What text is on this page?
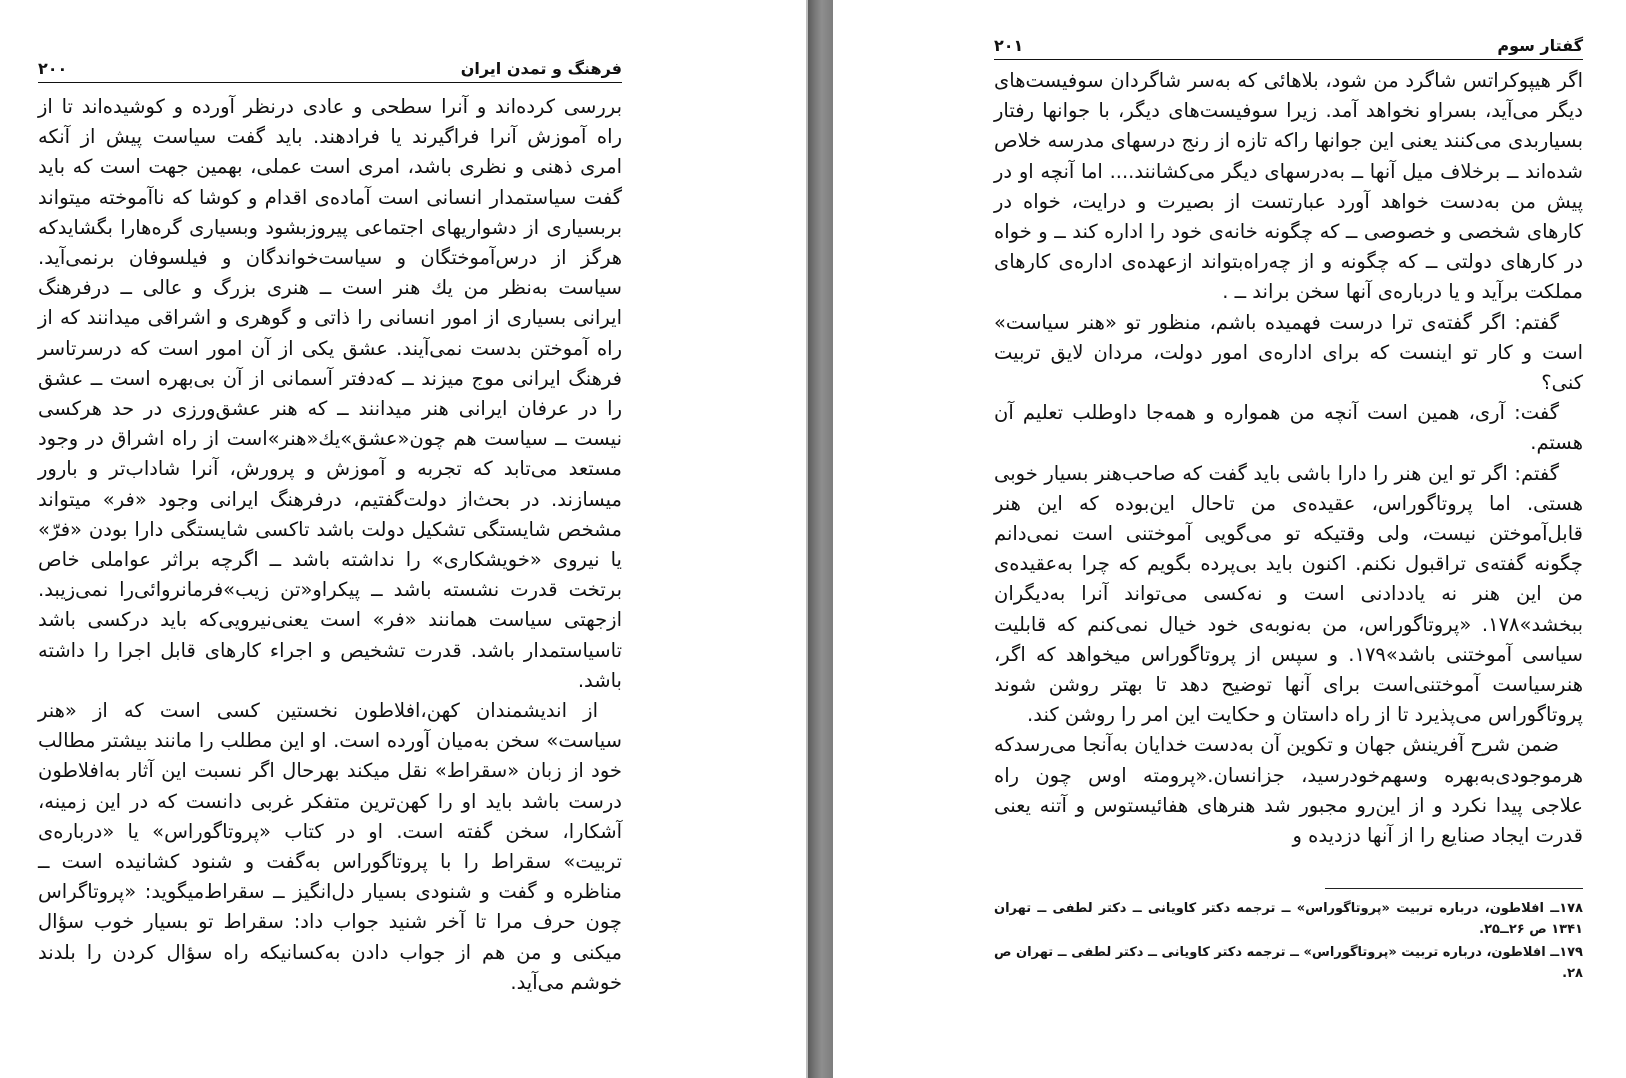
فرهنگ و تمدن ایران
۲۰۰

بررسی کرده‌اند و آنرا سطحی و عادی درنظر آورده و کوشیده‌اند تا از راه آموزش آنرا فراگیرند یا فرادهند. باید گفت سیاست پیش از آنکه امری ذهنی و نظری باشد، امری است عملی، بهمین جهت است که باید گفت سیاستمدار انسانی است آماده‌ی اقدام و کوشا که ناآموخته میتواند بربسیاری از دشواریهای اجتماعی پیروزبشود وبسیاری گره‌هارا بگشایدکه هرگز از درس‌آموختگان و سیاست‌خواندگان و فیلسوفان برنمی‌آید. سیاست به‌نظر من یك هنر است ــ هنری بزرگ و عالی ــ درفرهنگ ایرانی بسیاری از امور انسانی را ذاتی و گوهری و اشراقی میدانند که از راه آموختن بدست نمی‌آیند. عشق یکی از آن امور است که درسرتاسر فرهنگ ایرانی موج میزند ــ که‌دفتر آسمانی از آن بی‌بهره است ــ عشق را در عرفان ایرانی هنر میدانند ــ که هنر عشق‌ورزی در حد هرکسی نیست ــ سیاست هم چون‌«عشق»یك«هنر»است از راه اشراق در وجود مستعد می‌تابد که تجربه و آموزش و پرورش، آنرا شاداب‌تر و بارور میسازند. در بحث‌از دولت‌گفتیم، درفرهنگ ایرانی وجود «فر» میتواند مشخص شایستگی تشکیل دولت باشد تاکسی شایستگی دارا بودن «فرّ» یا نیروی «خویشکاری» را نداشته باشد ــ اگرچه براثر عواملی خاص برتخت قدرت نشسته باشد ــ پیکراو«تن زیب»فرمانروائی‌را نمی‌زیبد. ازجهتی سیاست همانند «فر» است یعنی‌نیرویی‌که باید درکسی باشد تاسیاستمدار باشد. قدرت تشخیص و اجراء کارهای قابل اجرا را داشته باشد.

از اندیشمندان کهن،افلاطون نخستین کسی است که از «هنر سیاست» سخن به‌میان آورده است. او این مطلب را مانند بیشتر مطالب خود از زبان «سقراط» نقل میکند بهرحال اگر نسبت این آثار به‌افلاطون درست باشد باید او را کهن‌ترین متفکر غربی دانست که در این زمینه، آشکارا، سخن گفته است. او در کتاب «پروتاگوراس» یا «درباره‌ی تربیت» سقراط را با پروتاگوراس به‌گفت و شنود کشانیده است ــ مناظره و گفت و شنودی بسیار دل‌انگیز ــ سقراط‌میگوید: «پروتاگراس چون حرف مرا تا آخر شنید جواب داد: سقراط تو بسیار خوب سؤال میکنی و من هم از جواب دادن به‌کسانیکه راه سؤال کردن را بلدند خوشم می‌آید.

گفتار سوم
۲۰۱

اگر هیپوکراتس شاگرد من شود، بلاهائی که به‌سر شاگردان سوفیست‌های دیگر می‌آید، بسراو نخواهد آمد. زیرا سوفیست‌های دیگر، با جوانها رفتار بسیاربدی می‌کنند یعنی این جوانها راکه تازه از رنج درسهای مدرسه خلاص شده‌اند ــ برخلاف میل آنها ــ به‌درسهای دیگر می‌کشانند.... اما آنچه او در پیش من به‌دست خواهد آورد عبارتست از بصیرت و درایت، خواه در کارهای شخصی و خصوصی ــ که چگونه خانه‌ی خود را اداره کند ــ و خواه در کارهای دولتی ــ که چگونه و از چه‌راه‌بتواند ازعهده‌ی اداره‌ی کارهای مملکت برآید و یا درباره‌ی آنها سخن براند ــ .

گفتم: اگر گفته‌ی ترا درست فهمیده باشم، منظور تو «هنر سیاست» است و کار تو اینست که برای اداره‌ی امور دولت، مردان لایق تربیت کنی؟

گفت: آری، همین است آنچه من همواره و همه‌جا داوطلب تعلیم آن هستم.

گفتم: اگر تو این هنر را دارا باشی باید گفت که صاحب‌هنر بسیار خوبی هستی. اما پروتاگوراس، عقیده‌ی من تاحال این‌بوده که این هنر قابل‌آموختن نیست، ولی وقتیکه تو می‌گویی آموختنی است نمی‌دانم چگونه گفته‌ی تراقبول نکنم. اکنون باید بی‌پرده بگویم که چرا به‌عقیده‌ی من این هنر نه یاددادنی است و نه‌کسی می‌تواند آنرا به‌دیگران ببخشد»۱۷۸. «پروتاگوراس، من به‌نوبه‌ی خود خیال نمی‌کنم که قابلیت سیاسی آموختنی باشد»۱۷۹. و سپس از پروتاگوراس میخواهد که اگر، هنرسیاست آموختنی‌است برای آنها توضیح دهد تا بهتر روشن شوند پروتاگوراس می‌پذیرد تا از راه داستان و حکایت این امر را روشن کند.

ضمن شرح آفرینش جهان و تکوین آن به‌دست خدایان به‌آنجا می‌رسدکه هرموجودی‌به‌بهره وسهم‌خودرسید، جزانسان.«پرومته اوس چون راه علاجی پیدا نکرد و از این‌رو مجبور شد هنرهای هفائیستوس و آتنه یعنی قدرت ایجاد صنایع را از آنها دزدیده و

۱۷۸ــ افلاطون، درباره تربیت «پروتاگوراس» ــ ترجمه دکتر کاویانی ــ دکتر لطفی ــ تهران ۱۳۴۱ ص ۲۶ــ۲۵.

۱۷۹ــ افلاطون، درباره تربیت «پروتاگوراس» ــ ترجمه دکتر کاویانی ــ دکتر لطفی ــ تهران ص ۲۸.
